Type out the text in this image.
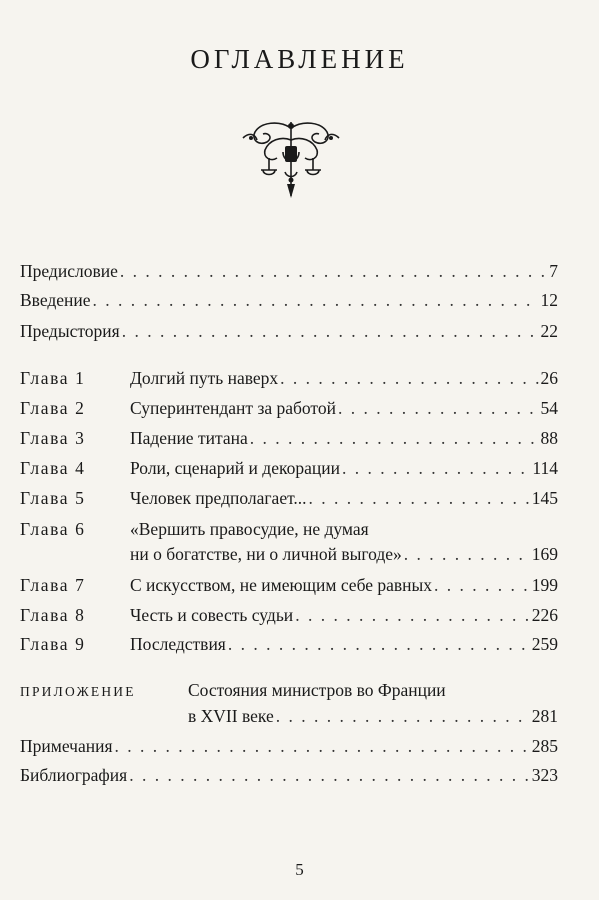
ОГЛАВЛЕНИЕ
Предисловие . . .	7
Введение . . .	12
Предыстория . . .	22
Глава 1	Долгий путь наверх . . .	26
Глава 2	Суперинтендант за работой . . .	54
Глава 3	Падение титана . . .	88
Глава 4	Роли, сценарий и декорации . . .	114
Глава 5	Человек предполагает... . . .	145
Глава 6	«Вершить правосудие, не думая
ни о богатстве, ни о личной выгоде» . . .	169
Глава 7	С искусством, не имеющим себе равных . . .	199
Глава 8	Честь и совесть судьи . . .	226
Глава 9	Последствия . . .	259
ПРИЛОЖЕНИЕ	Состояния министров во Франции
в XVII веке . . .	281
Примечания . . .	285
Библиография . . .	323
5
